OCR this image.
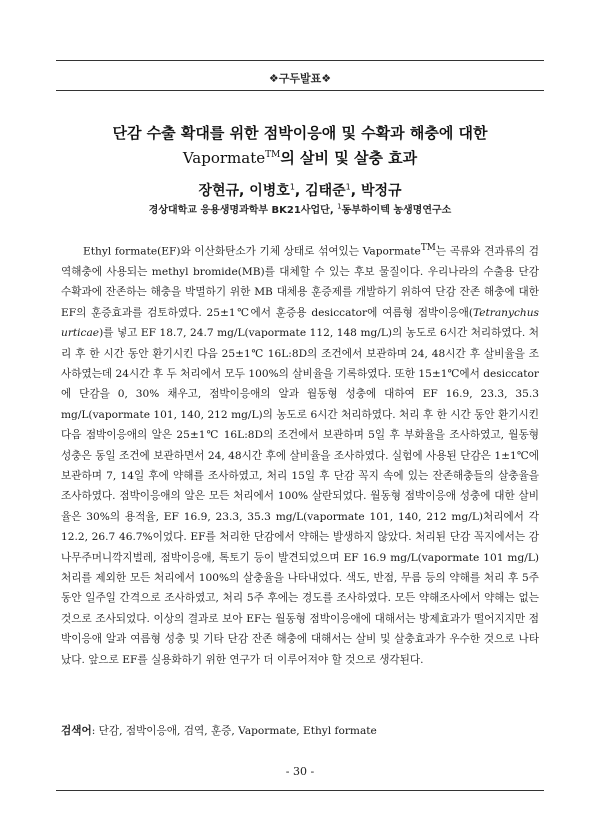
❖구두발표❖
단감 수출 확대를 위한 점박이응애 및 수확과 해충에 대한
Vapormate™의 살비 및 살충 효과
장현규, 이병호$^1$, 김태준$^1$, 박정규
경상대학교 응용생명과학부 BK21사업단, $^1$동부하이텍 농생명연구소

Ethyl formate(EF)와 이산화탄소가 기체 상태로 섞여있는 Vapormate™는 곡류와 견과류의 검역해충에 사용되는 methyl bromide(MB)를 대체할 수 있는 후보 물질이다. 우리나라의 수출용 단감 수확과에 잔존하는 해충을 박멸하기 위한 MB 대체용 훈증제를 개발하기 위하여 단감 잔존 해충에 대한 EF의 훈증효과를 검토하였다. 25±1℃에서 훈증용 desiccator에 여름형 점박이응애(Tetranychus urticae)를 넣고 EF 18.7, 24.7 mg/L(vapormate 112, 148 mg/L)의 농도로 6시간 처리하였다. 처리 후 한 시간 동안 환기시킨 다음 25±1℃ 16L:8D의 조건에서 보관하며 24, 48시간 후 살비율을 조사하였는데 24시간 후 두 처리에서 모두 100%의 살비율을 기록하였다. 또한 15±1℃에서 desiccator에 단감을 0, 30% 채우고, 점박이응애의 알과 월동형 성충에 대하여 EF 16.9, 23.3, 35.3 mg/L(vapormate 101, 140, 212 mg/L)의 농도로 6시간 처리하였다. 처리 후 한 시간 동안 환기시킨 다음 점박이응애의 알은 25±1℃ 16L:8D의 조건에서 보관하며 5일 후 부화율을 조사하였고, 월동형 성충은 동일 조건에 보관하면서 24, 48시간 후에 살비율을 조사하였다. 실험에 사용된 단감은 1±1℃에 보관하며 7, 14일 후에 약해를 조사하였고, 처리 15일 후 단감 꼭지 속에 있는 잔존해충들의 살충율을 조사하였다. 점박이응애의 알은 모든 처리에서 100% 살란되었다. 월동형 점박이응애 성충에 대한 살비율은 30%의 용적율, EF 16.9, 23.3, 35.3 mg/L(vapormate 101, 140, 212 mg/L)처리에서 각 12.2, 26.7 46.7%이었다. EF를 처리한 단감에서 약해는 발생하지 않았다. 처리된 단감 꼭지에서는 감나무주머니깍지벌레, 점박이응애, 톡토기 등이 발견되었으며 EF 16.9 mg/L(vapormate 101 mg/L)처리를 제외한 모든 처리에서 100%의 살충율을 나타내었다. 색도, 반점, 무름 등의 약해를 처리 후 5주 동안 일주일 간격으로 조사하였고, 처리 5주 후에는 경도를 조사하였다. 모든 약해조사에서 약해는 없는 것으로 조사되었다. 이상의 결과로 보아 EF는 월동형 점박이응애에 대해서는 방제효과가 떨어지지만 점박이응애 알과 여름형 성충 및 기타 단감 잔존 해충에 대해서는 살비 및 살충효과가 우수한 것으로 나타났다. 앞으로 EF를 실용화하기 위한 연구가 더 이루어져야 할 것으로 생각된다.

검색어: 단감, 점박이응애, 검역, 훈증, Vapormate, Ethyl formate
- 30 -
